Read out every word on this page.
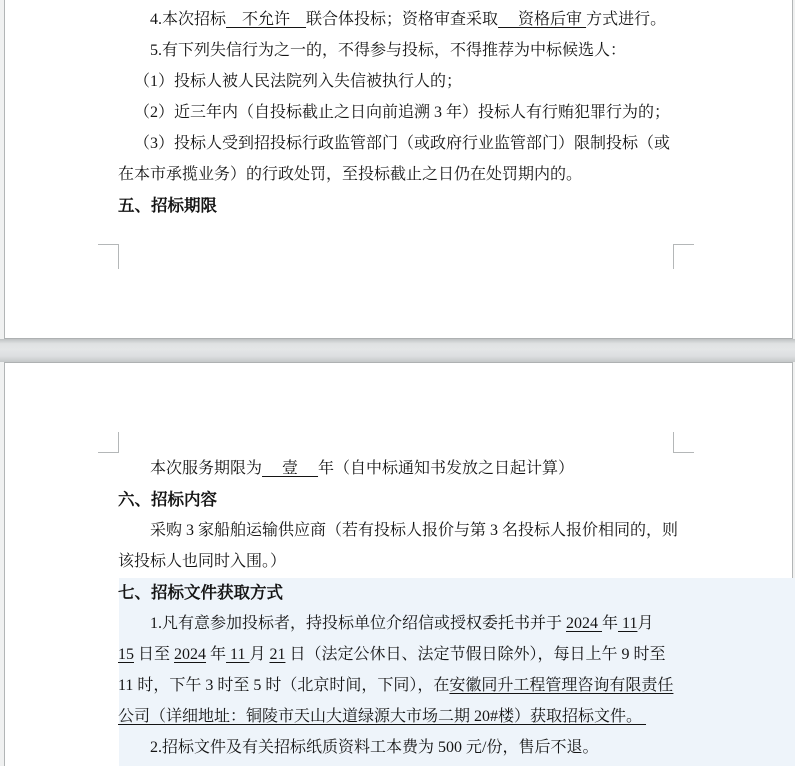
4.本次招标　不允许　联合体投标；资格审查采取　 资格后审 方式进行。
5.有下列失信行为之一的，不得参与投标，不得推荐为中标候选人：
（1）投标人被人民法院列入失信被执行人的；
（2）近三年内（自投标截止之日向前追溯 3 年）投标人有行贿犯罪行为的；
（3）投标人受到招投标行政监管部门（或政府行业监管部门）限制投标（或
在本市承揽业务）的行政处罚，至投标截止之日仍在处罚期内的。
五、招标期限
本次服务期限为　 壹 　年（自中标通知书发放之日起计算）
六、招标内容
采购 3 家船舶运输供应商（若有投标人报价与第 3 名投标人报价相同的，则
该投标人也同时入围。）
七、招标文件获取方式
1.凡有意参加投标者，持投标单位介绍信或授权委托书并于 2024 年 11月
15 日至 2024 年 11 月 21 日（法定公休日、法定节假日除外），每日上午 9 时至
11 时，下午 3 时至 5 时（北京时间，下同），在安徽同升工程管理咨询有限责任
公司（详细地址：铜陵市天山大道绿源大市场二期 20#楼）获取招标文件。
2.招标文件及有关招标纸质资料工本费为 500 元/份，售后不退。
